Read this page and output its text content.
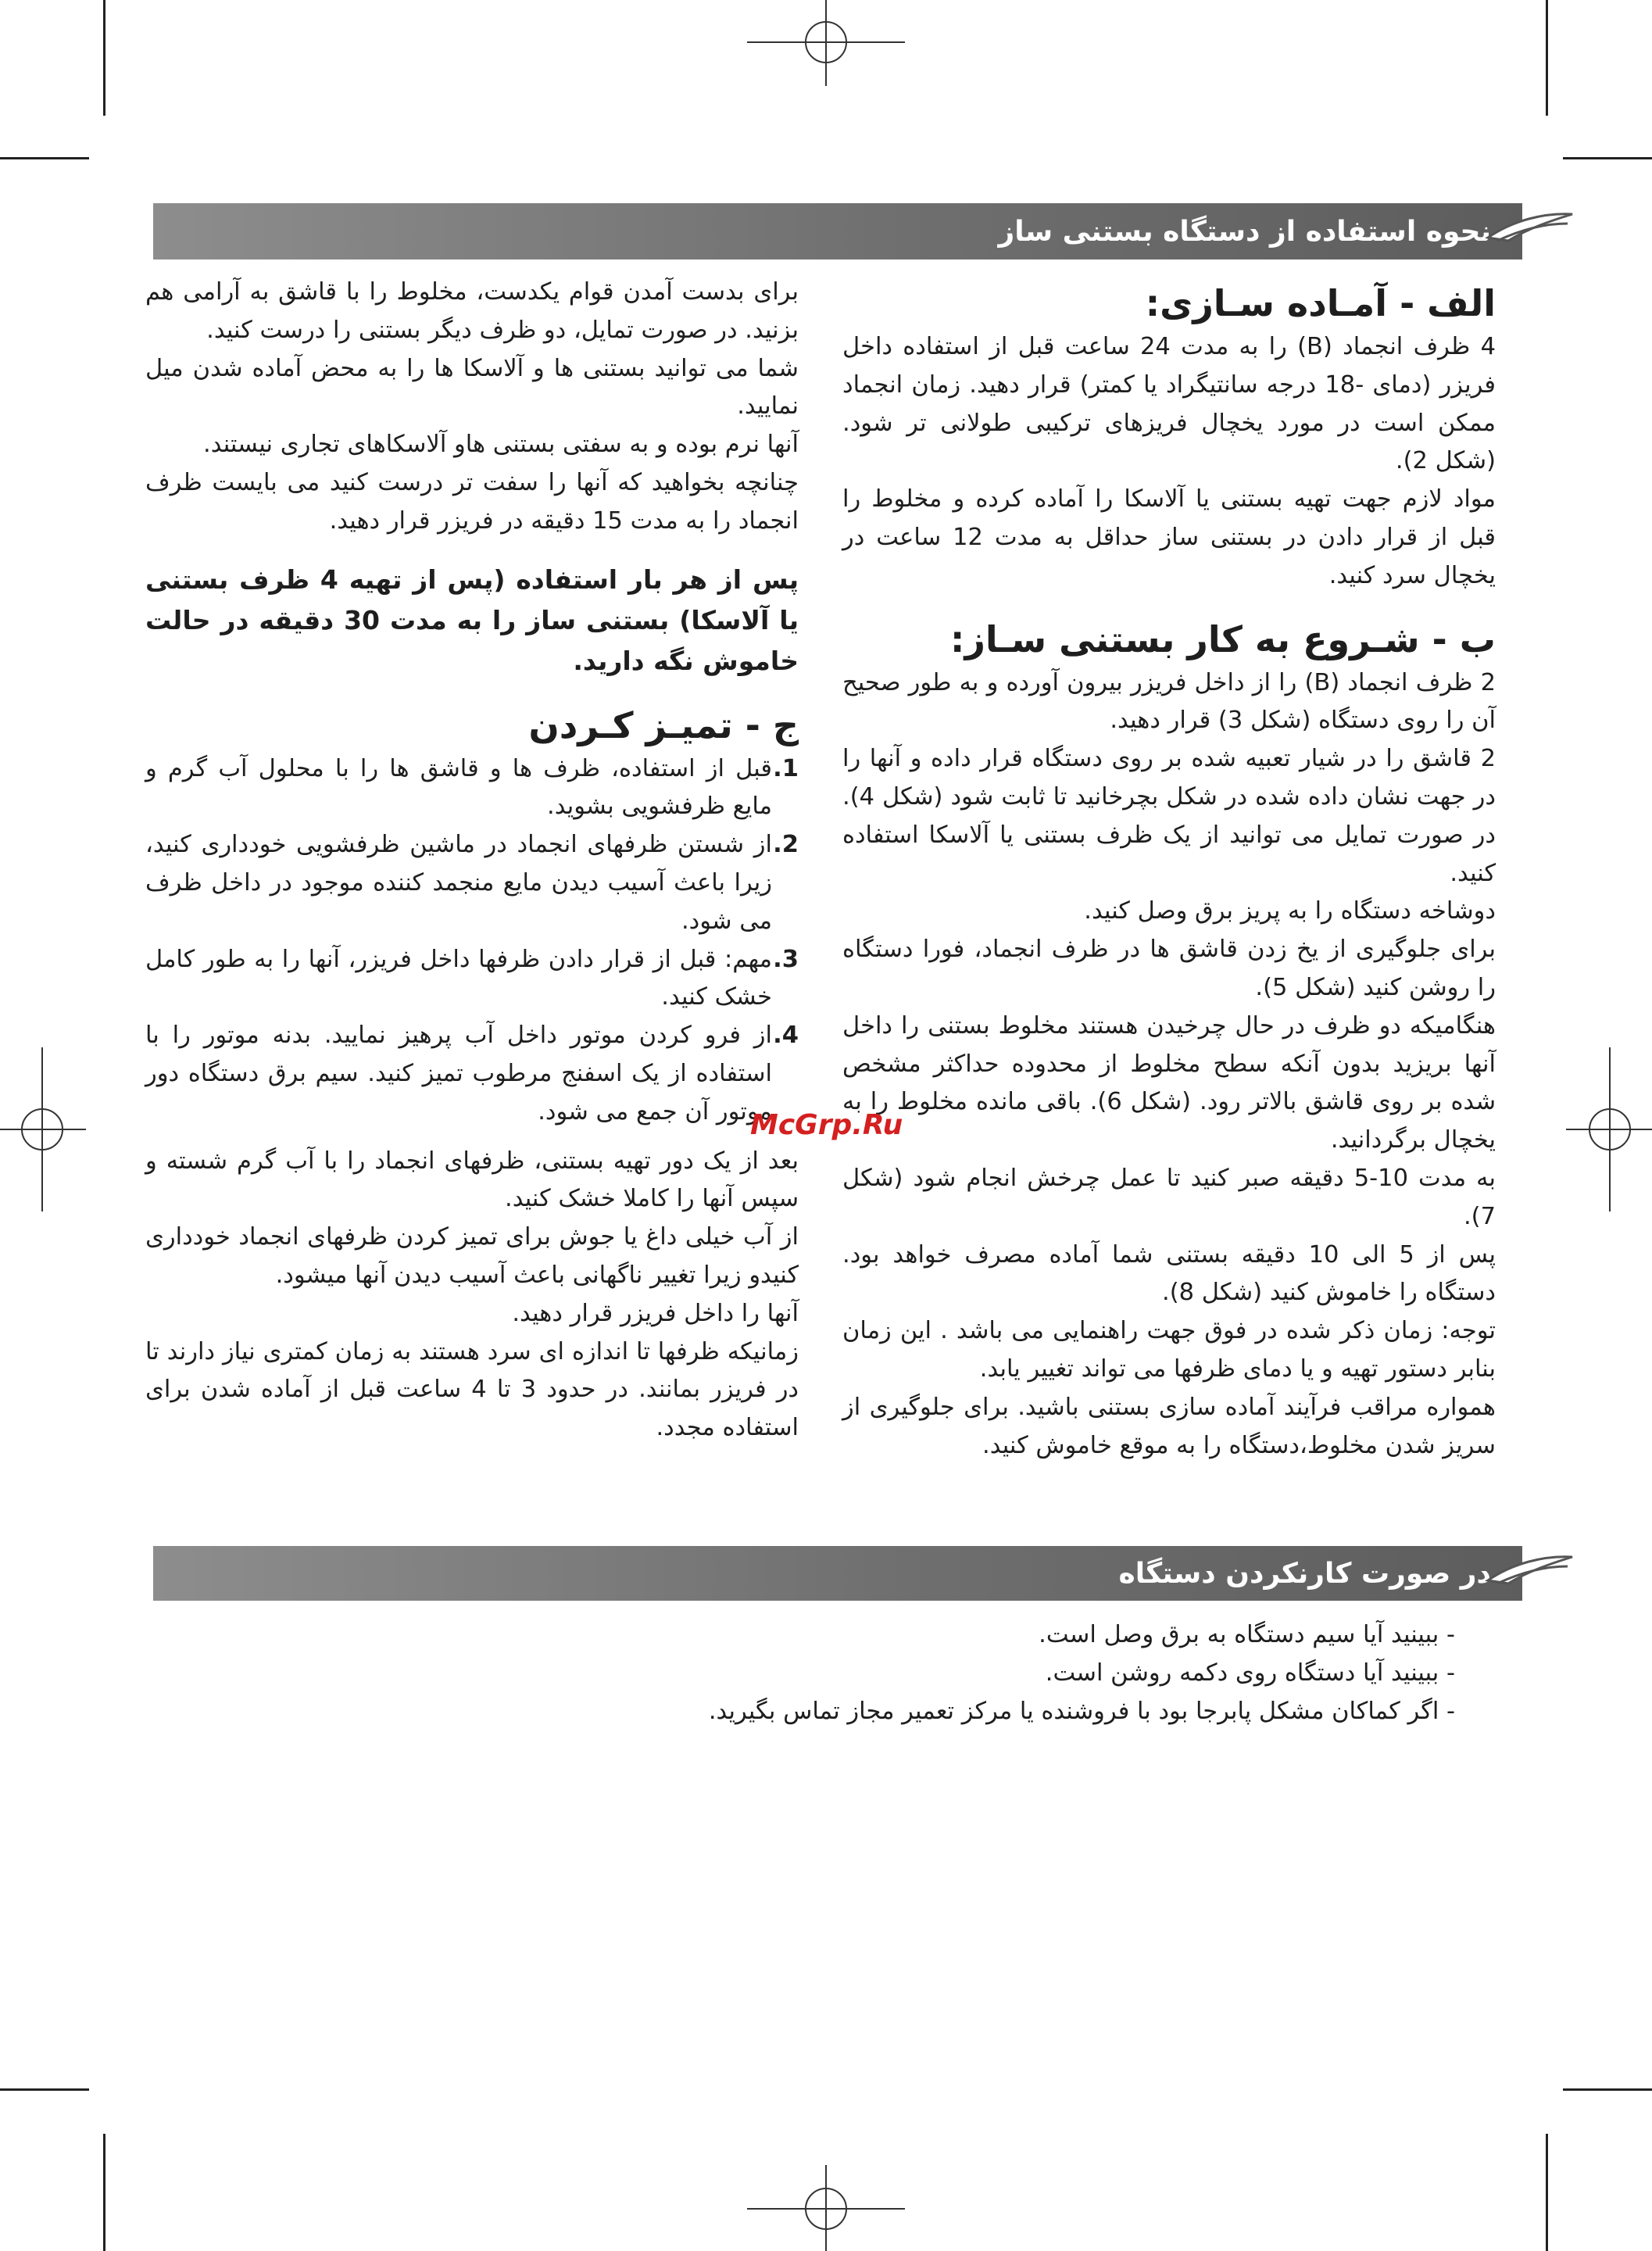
نحوه استفاده از دستگاه بستنی ساز
الف - آمـاده سـازی:

4 ظرف انجماد (B) را به مدت 24 ساعت قبل از استفاده داخل فریزر (دمای -18 درجه سانتیگراد یا کمتر) قرار دهید. زمان انجماد ممکن است در مورد یخچال فریزهای ترکیبی طولانی تر شود. (شکل 2).

مواد لازم جهت تهیه بستنی یا آلاسکا را آماده کرده و مخلوط را قبل از قرار دادن در بستنی ساز حداقل به مدت 12 ساعت در یخچال سرد کنید.

ب - شـروع به کار بستنی سـاز:

2 ظرف انجماد (B) را از داخل فریزر بیرون آورده و به طور صحیح آن را روی دستگاه (شکل 3) قرار دهید.

2 قاشق را در شیار تعبیه شده بر روی دستگاه قرار داده و آنها را در جهت نشان داده شده در شکل بچرخانید تا ثابت شود (شکل 4). در صورت تمایل می توانید از یک ظرف بستنی یا آلاسکا استفاده کنید.

دوشاخه دستگاه را به پریز برق وصل کنید.

برای جلوگیری از یخ زدن قاشق ها در ظرف انجماد، فورا دستگاه را روشن کنید (شکل 5).

هنگامیکه دو ظرف در حال چرخیدن هستند مخلوط بستنی را داخل آنها بریزید بدون آنکه سطح مخلوط از محدوده حداکثر مشخص شده بر روی قاشق بالاتر رود. (شکل 6). باقی مانده مخلوط را به یخچال برگردانید.

به مدت 10-5 دقیقه صبر کنید تا عمل چرخش انجام شود (شکل 7).

پس از 5 الی 10 دقیقه بستنی شما آماده مصرف خواهد بود. دستگاه را خاموش کنید (شکل 8).

توجه: زمان ذکر شده در فوق جهت راهنمایی می باشد . این زمان بنابر دستور تهیه و یا دمای ظرفها می تواند تغییر یابد.

همواره مراقب فرآیند آماده سازی بستنی باشید. برای جلوگیری از سریز شدن مخلوط،دستگاه را به موقع خاموش کنید.

برای بدست آمدن قوام یکدست، مخلوط را با قاشق به آرامی هم بزنید. در صورت تمایل، دو ظرف دیگر بستنی را درست کنید.

شما می توانید بستنی ها و آلاسکا ها را به محض آماده شدن میل نمایید.

آنها نرم بوده و به سفتی بستنی هاو آلاسکاهای تجاری نیستند.

چنانچه بخواهید که آنها را سفت تر درست کنید می بایست ظرف انجماد را به مدت 15 دقیقه در فریزر قرار دهید.

پس از هر بار استفاده (پس از تهیه 4 ظرف بستنی یا آلاسکا) بستنی ساز را به مدت 30 دقیقه در حالت خاموش نگه دارید.

ج - تمیـز کـردن
1.
قبل از استفاده، ظرف ها و قاشق ها را با محلول آب گرم و مایع ظرفشویی بشوید.
2.
از شستن ظرفهای انجماد در ماشین ظرفشویی خودداری کنید، زیرا باعث آسیب دیدن مایع منجمد کننده موجود در داخل ظرف می شود.
3.
مهم: قبل از قرار دادن ظرفها داخل فریزر، آنها را به طور کامل خشک کنید.
4.
از فرو کردن موتور داخل آب پرهیز نمایید. بدنه موتور را با استفاده از یک اسفنج مرطوب تمیز کنید. سیم برق دستگاه دور موتور آن جمع می شود.

بعد از یک دور تهیه بستنی، ظرفهای انجماد را با آب گرم شسته و سپس آنها را کاملا خشک کنید.

از آب خیلی داغ یا جوش برای تمیز کردن ظرفهای انجماد خودداری کنیدو زیرا تغییر ناگهانی باعث آسیب دیدن آنها میشود.

آنها را داخل فریزر قرار دهید.

زمانیکه ظرفها تا اندازه ای سرد هستند به زمان کمتری نیاز دارند تا در فریزر بمانند. در حدود 3 تا 4 ساعت قبل از آماده شدن برای استفاده مجدد.

McGrp.Ru
در صورت کارنکردن دستگاه
- ببینید آیا سیم دستگاه به برق وصل است.
- ببینید آیا دستگاه روی دکمه روشن است.
- اگر کماکان مشکل پابرجا بود با فروشنده یا مرکز تعمیر مجاز تماس بگیرید.
